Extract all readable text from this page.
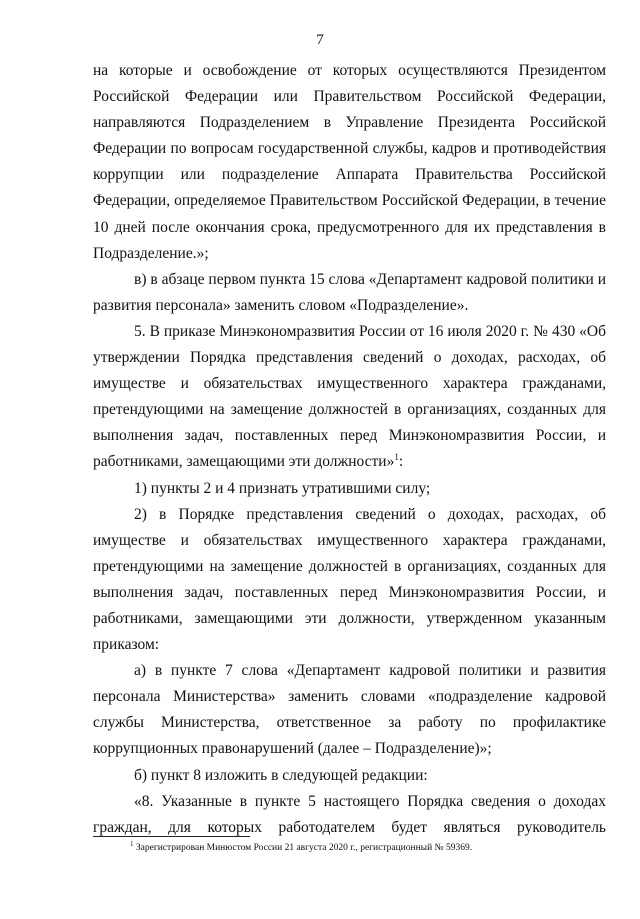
7

на которые и освобождение от которых осуществляются Президентом Российской Федерации или Правительством Российской Федерации, направляются Подразделением в Управление Президента Российской Федерации по вопросам государственной службы, кадров и противодействия коррупции или подразделение Аппарата Правительства Российской Федерации, определяемое Правительством Российской Федерации, в течение 10 дней после окончания срока, предусмотренного для их представления в Подразделение.»;

в) в абзаце первом пункта 15 слова «Департамент кадровой политики и развития персонала» заменить словом «Подразделение».

5. В приказе Минэкономразвития России от 16 июля 2020 г. № 430 «Об утверждении Порядка представления сведений о доходах, расходах, об имуществе и обязательствах имущественного характера гражданами, претендующими на замещение должностей в организациях, созданных для выполнения задач, поставленных перед Минэкономразвития России, и работниками, замещающими эти должности»$^1$:

1) пункты 2 и 4 признать утратившими силу;

2) в Порядке представления сведений о доходах, расходах, об имуществе и обязательствах имущественного характера гражданами, претендующими на замещение должностей в организациях, созданных для выполнения задач, поставленных перед Минэкономразвития России, и работниками, замещающими эти должности, утвержденном указанным приказом:

а) в пункте 7 слова «Департамент кадровой политики и развития персонала Министерства» заменить словами «подразделение кадровой службы Министерства, ответственное за работу по профилактике коррупционных правонарушений (далее – Подразделение)»;

б) пункт 8 изложить в следующей редакции:

«8. Указанные в пункте 5 настоящего Порядка сведения о доходах граждан, для которых работодателем будет являться руководитель

$^1$ Зарегистрирован Минюстом России 21 августа 2020 г., регистрационный № 59369.
